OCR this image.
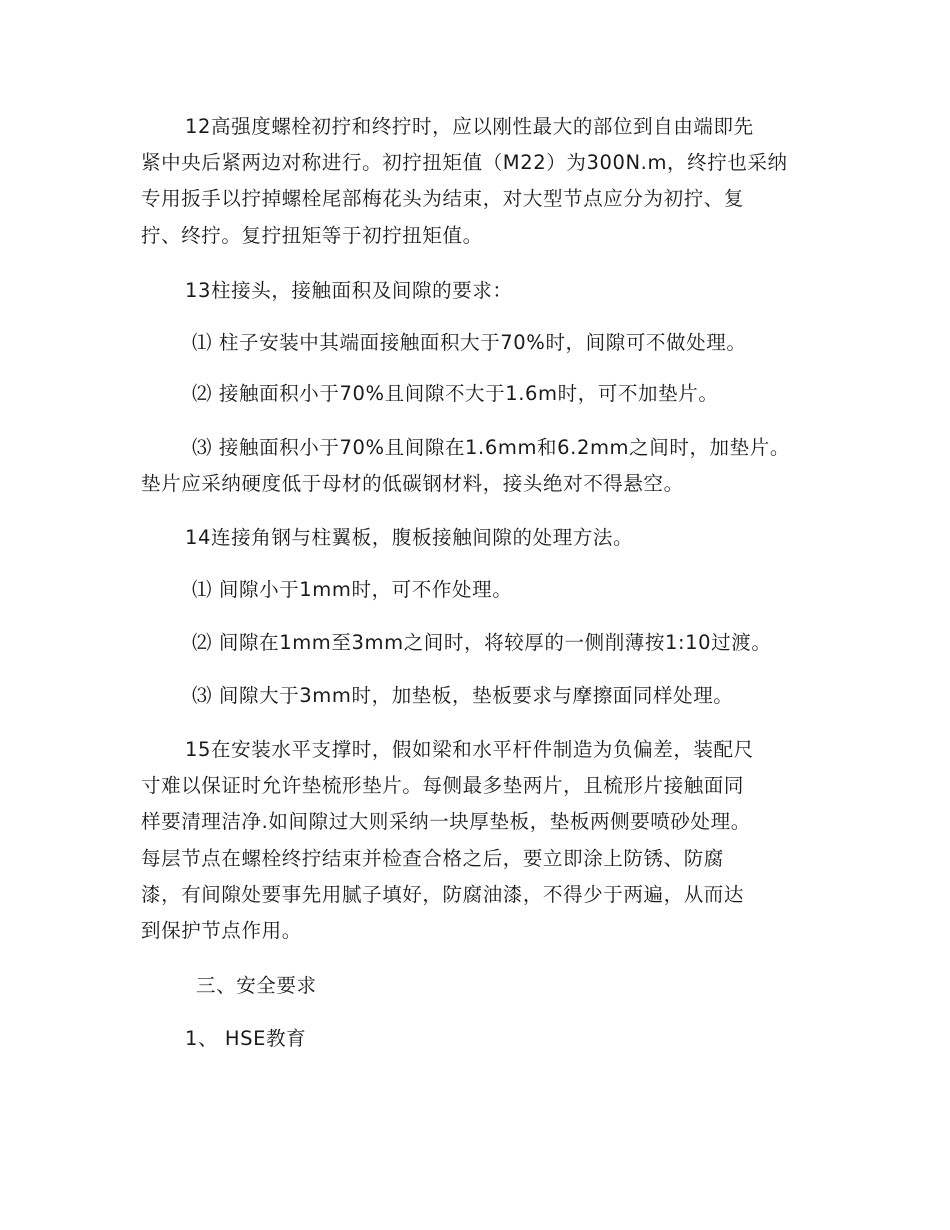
12高强度螺栓初拧和终拧时，应以刚性最大的部位到自由端即先
紧中央后紧两边对称进行。初拧扭矩值（M22）为300N.m，终拧也采纳
专用扳手以拧掉螺栓尾部梅花头为结束，对大型节点应分为初拧、复
拧、终拧。复拧扭矩等于初拧扭矩值。
13柱接头，接触面积及间隙的要求：
⑴ 柱子安装中其端面接触面积大于70%时，间隙可不做处理。
⑵ 接触面积小于70%且间隙不大于1.6m时，可不加垫片。
⑶ 接触面积小于70%且间隙在1.6mm和6.2mm之间时，加垫片。
垫片应采纳硬度低于母材的低碳钢材料，接头绝对不得悬空。
14连接角钢与柱翼板，腹板接触间隙的处理方法。
⑴ 间隙小于1mm时，可不作处理。
⑵ 间隙在1mm至3mm之间时，将较厚的一侧削薄按1:10过渡。
⑶ 间隙大于3mm时，加垫板，垫板要求与摩擦面同样处理。
15在安装水平支撑时，假如梁和水平杆件制造为负偏差，装配尺
寸难以保证时允许垫梳形垫片。每侧最多垫两片，且梳形片接触面同
样要清理洁净.如间隙过大则采纳一块厚垫板，垫板两侧要喷砂处理。
每层节点在螺栓终拧结束并检查合格之后，要立即涂上防锈、防腐
漆，有间隙处要事先用腻子填好，防腐油漆，不得少于两遍，从而达
到保护节点作用。
三、安全要求
1、 HSE教育
